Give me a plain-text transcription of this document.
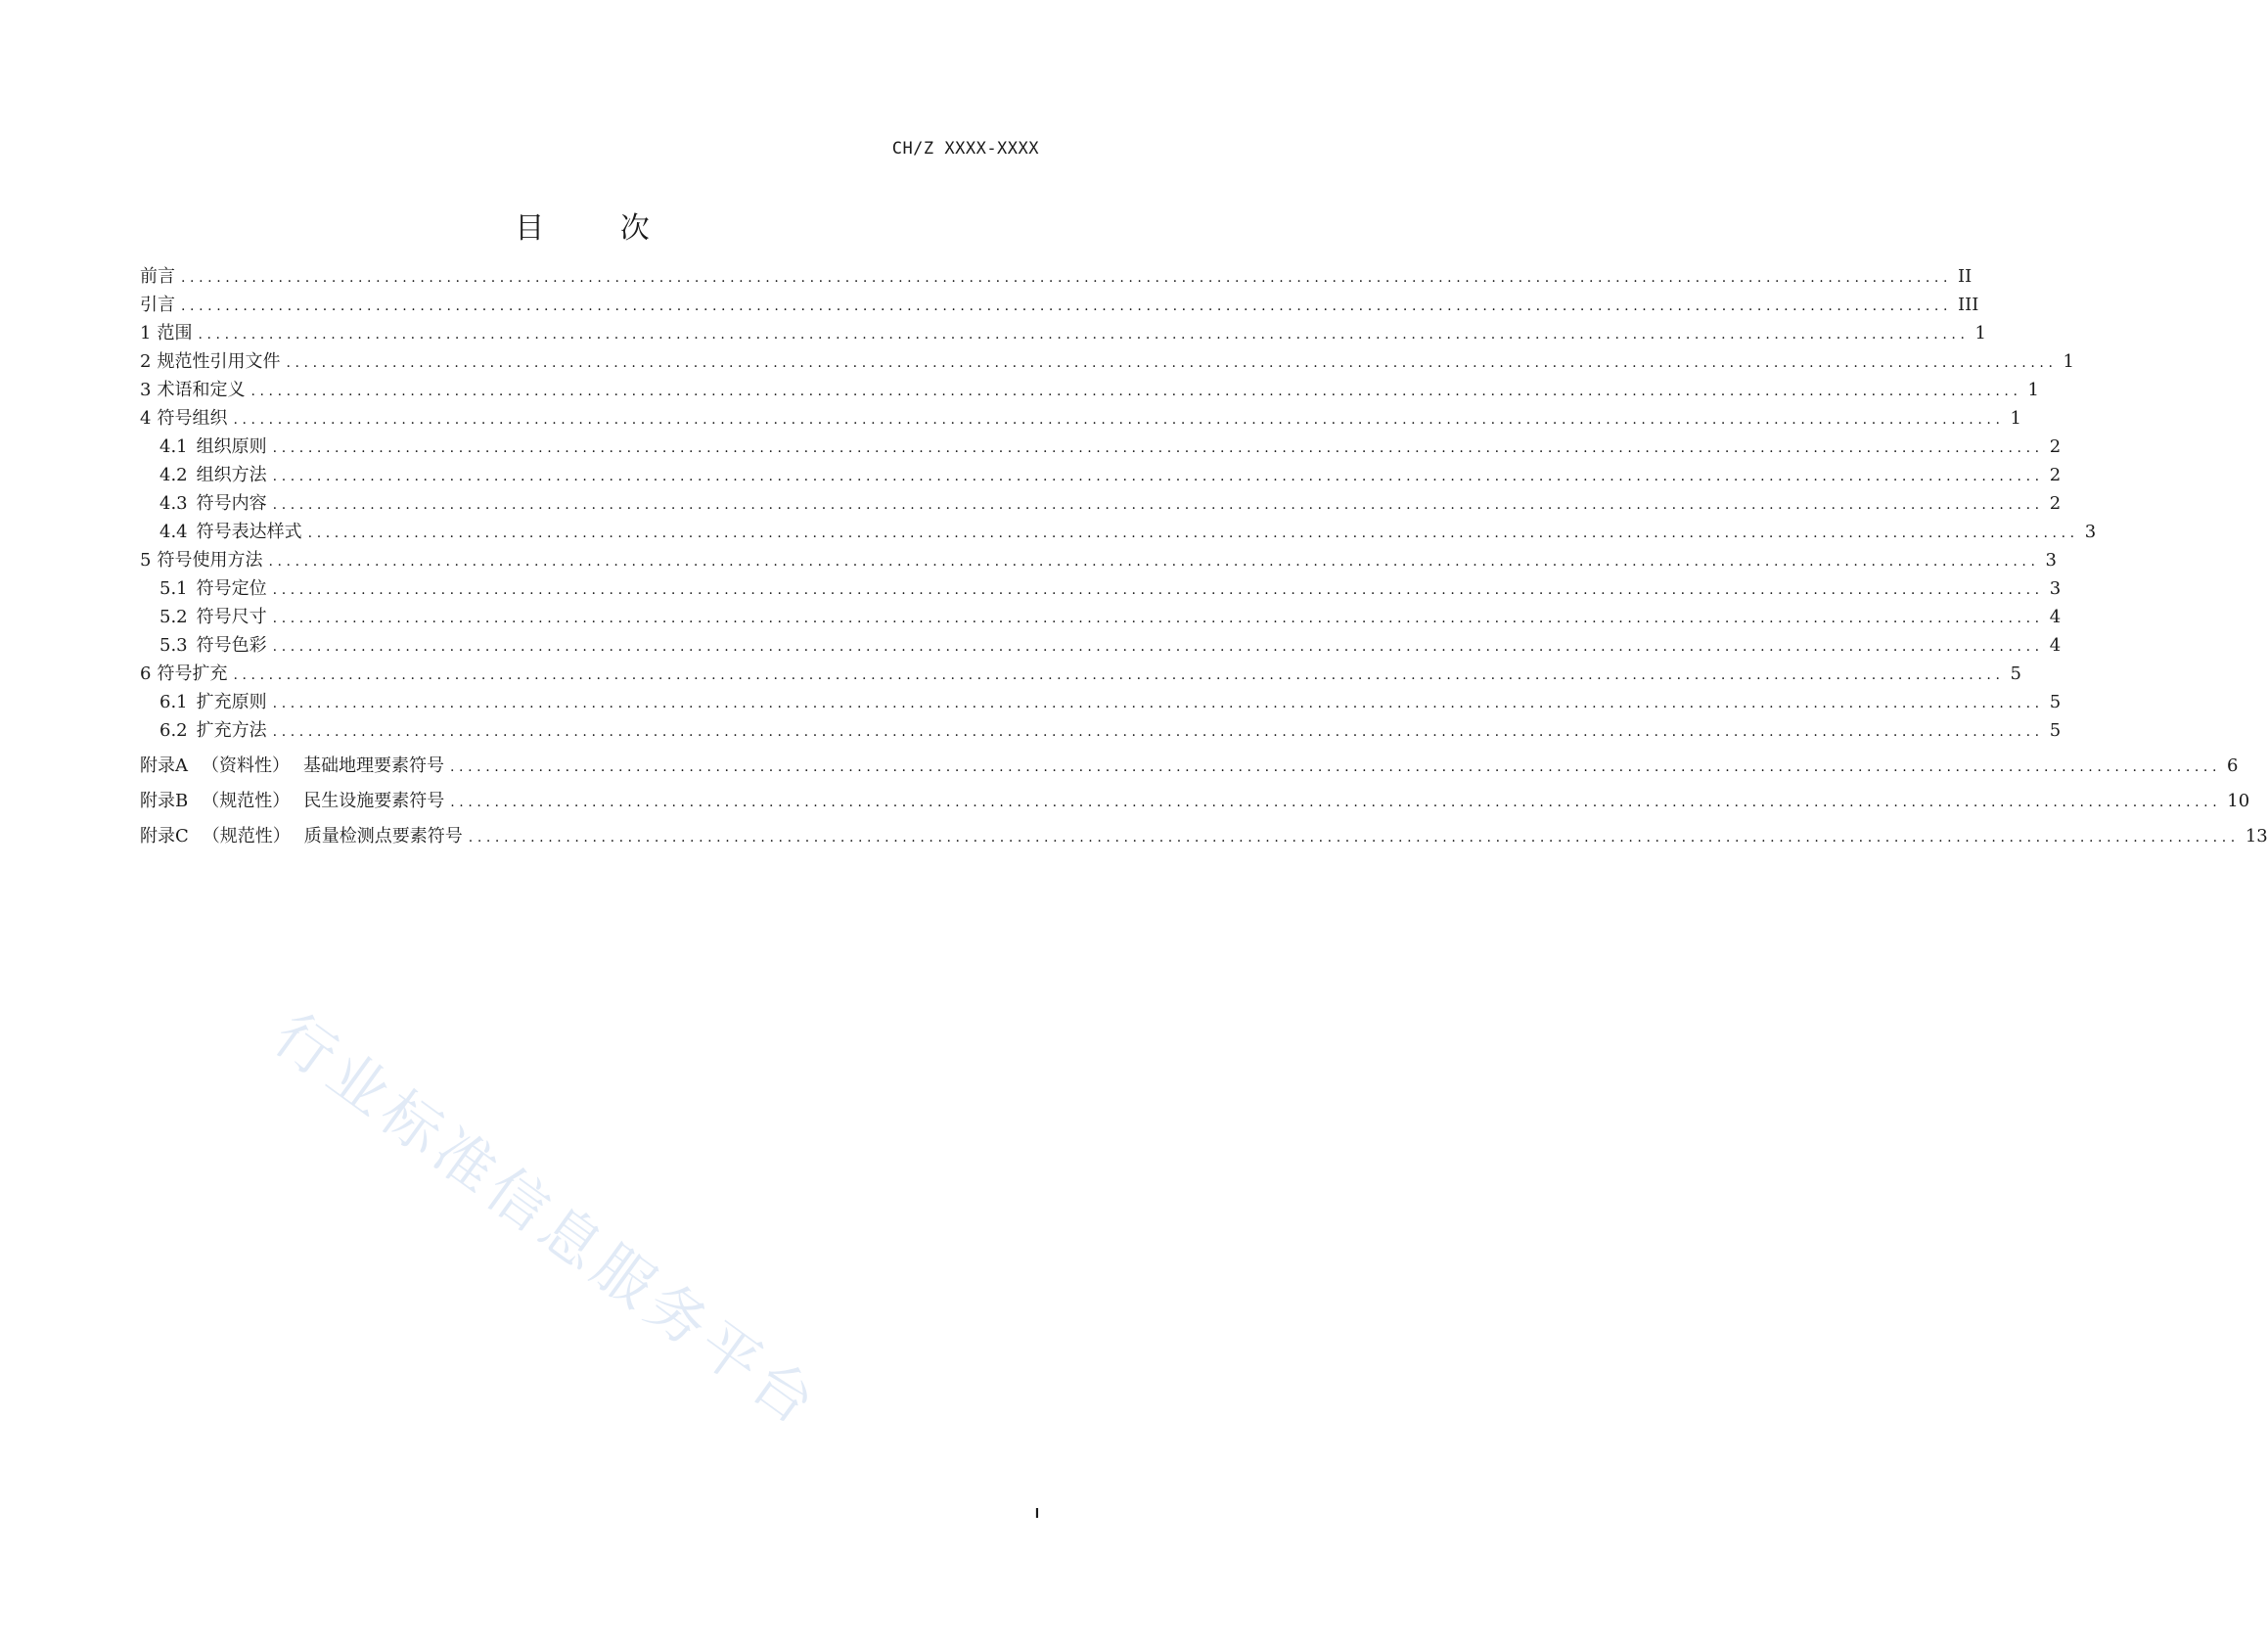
CH/Z XXXX-XXXX
目 次
前言 ........................................................................................................................................................................................................ II
引言 ........................................................................................................................................................................................................ III
1 范围 ........................................................................................................................................................................................................ 1
2 规范性引用文件 ........................................................................................................................................................................................................ 1
3 术语和定义 ........................................................................................................................................................................................................ 1
4 符号组织 ........................................................................................................................................................................................................ 1
4.1 组织原则 ........................................................................................................................................................................................................ 2
4.2 组织方法 ........................................................................................................................................................................................................ 2
4.3 符号内容 ........................................................................................................................................................................................................ 2
4.4 符号表达样式 ........................................................................................................................................................................................................ 3
5 符号使用方法 ........................................................................................................................................................................................................ 3
5.1 符号定位 ........................................................................................................................................................................................................ 3
5.2 符号尺寸 ........................................................................................................................................................................................................ 4
5.3 符号色彩 ........................................................................................................................................................................................................ 4
6 符号扩充 ........................................................................................................................................................................................................ 5
6.1 扩充原则 ........................................................................................................................................................................................................ 5
6.2 扩充方法 ........................................................................................................................................................................................................ 5
附录A （资料性） 基础地理要素符号 ........................................................................................................................................................................................................ 6
附录B （规范性） 民生设施要素符号 ........................................................................................................................................................................................................ 10
附录C （规范性） 质量检测点要素符号 ........................................................................................................................................................................................................ 13
行业标准信息服务平台
I
